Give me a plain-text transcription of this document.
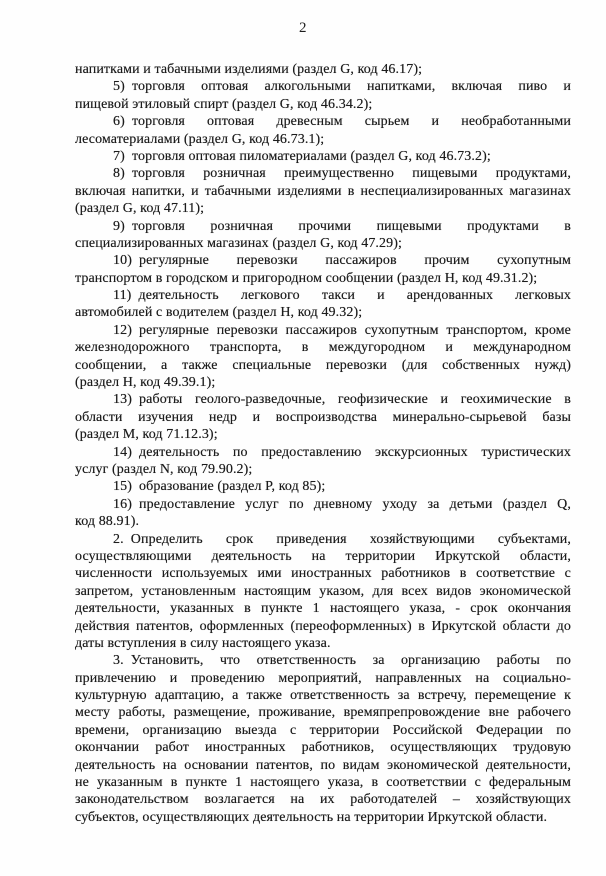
2
напитками и табачными изделиями (раздел G, код 46.17);
5) торговля оптовая алкогольными напитками, включая пиво и
пищевой этиловый спирт (раздел G, код 46.34.2);
6) торговля оптовая древесным сырьем и необработанными
лесоматериалами (раздел G, код 46.73.1);
7) торговля оптовая пиломатериалами (раздел G, код 46.73.2);
8) торговля розничная преимущественно пищевыми продуктами,
включая напитки, и табачными изделиями в неспециализированных магазинах
(раздел G, код 47.11);
9) торговля розничная прочими пищевыми продуктами в
специализированных магазинах (раздел G, код 47.29);
10) регулярные перевозки пассажиров прочим сухопутным
транспортом в городском и пригородном сообщении (раздел H, код 49.31.2);
11) деятельность легкового такси и арендованных легковых
автомобилей с водителем (раздел H, код 49.32);
12) регулярные перевозки пассажиров сухопутным транспортом, кроме
железнодорожного транспорта, в междугородном и международном
сообщении, а также специальные перевозки (для собственных нужд)
(раздел H, код 49.39.1);
13) работы геолого-разведочные, геофизические и геохимические в
области изучения недр и воспроизводства минерально-сырьевой базы
(раздел M, код 71.12.3);
14) деятельность по предоставлению экскурсионных туристических
услуг (раздел N, код 79.90.2);
15) образование (раздел P, код 85);
16) предоставление услуг по дневному уходу за детьми (раздел Q,
код 88.91).
2. Определить срок приведения хозяйствующими субъектами,
осуществляющими деятельность на территории Иркутской области,
численности используемых ими иностранных работников в соответствие с
запретом, установленным настоящим указом, для всех видов экономической
деятельности, указанных в пункте 1 настоящего указа, - срок окончания
действия патентов, оформленных (переоформленных) в Иркутской области до
даты вступления в силу настоящего указа.
3. Установить, что ответственность за организацию работы по
привлечению и проведению мероприятий, направленных на социально-
культурную адаптацию, а также ответственность за встречу, перемещение к
месту работы, размещение, проживание, времяпрепровождение вне рабочего
времени, организацию выезда с территории Российской Федерации по
окончании работ иностранных работников, осуществляющих трудовую
деятельность на основании патентов, по видам экономической деятельности,
не указанным в пункте 1 настоящего указа, в соответствии с федеральным
законодательством возлагается на их работодателей – хозяйствующих
субъектов, осуществляющих деятельность на территории Иркутской области.
